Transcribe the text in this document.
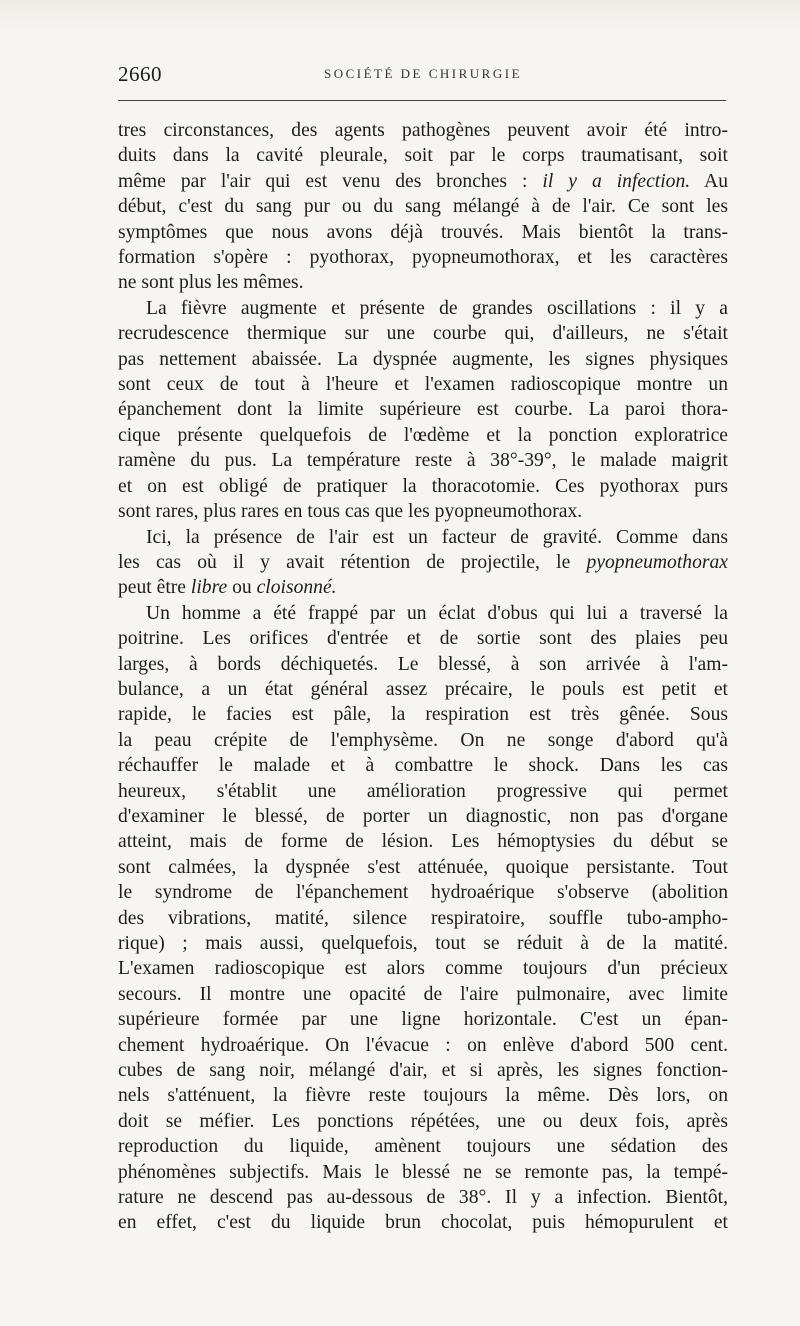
2660	SOCIÉTÉ DE CHIRURGIE

tres circonstances, des agents pathogènes peuvent avoir été intro-

duits dans la cavité pleurale, soit par le corps traumatisant, soit

même par l'air qui est venu des bronches : il y a infection. Au

début, c'est du sang pur ou du sang mélangé à de l'air. Ce sont les

symptômes que nous avons déjà trouvés. Mais bientôt la trans-

formation s'opère : pyothorax, pyopneumothorax, et les caractères

ne sont plus les mêmes.

La fièvre augmente et présente de grandes oscillations : il y a

recrudescence thermique sur une courbe qui, d'ailleurs, ne s'était

pas nettement abaissée. La dyspnée augmente, les signes physiques

sont ceux de tout à l'heure et l'examen radioscopique montre un

épanchement dont la limite supérieure est courbe. La paroi thora-

cique présente quelquefois de l'œdème et la ponction exploratrice

ramène du pus. La température reste à 38°-39°, le malade maigrit

et on est obligé de pratiquer la thoracotomie. Ces pyothorax purs

sont rares, plus rares en tous cas que les pyopneumothorax.

Ici, la présence de l'air est un facteur de gravité. Comme dans

les cas où il y avait rétention de projectile, le pyopneumothorax

peut être libre ou cloisonné.

Un homme a été frappé par un éclat d'obus qui lui a traversé la

poitrine. Les orifices d'entrée et de sortie sont des plaies peu

larges, à bords déchiquetés. Le blessé, à son arrivée à l'am-

bulance, a un état général assez précaire, le pouls est petit et

rapide, le facies est pâle, la respiration est très gênée. Sous

la peau crépite de l'emphysème. On ne songe d'abord qu'à

réchauffer le malade et à combattre le shock. Dans les cas

heureux, s'établit une amélioration progressive qui permet

d'examiner le blessé, de porter un diagnostic, non pas d'organe

atteint, mais de forme de lésion. Les hémoptysies du début se

sont calmées, la dyspnée s'est atténuée, quoique persistante. Tout

le syndrome de l'épanchement hydroaérique s'observe (abolition

des vibrations, matité, silence respiratoire, souffle tubo-ampho-

rique) ; mais aussi, quelquefois, tout se réduit à de la matité.

L'examen radioscopique est alors comme toujours d'un précieux

secours. Il montre une opacité de l'aire pulmonaire, avec limite

supérieure formée par une ligne horizontale. C'est un épan-

chement hydroaérique. On l'évacue : on enlève d'abord 500 cent.

cubes de sang noir, mélangé d'air, et si après, les signes fonction-

nels s'atténuent, la fièvre reste toujours la même. Dès lors, on

doit se méfier. Les ponctions répétées, une ou deux fois, après

reproduction du liquide, amènent toujours une sédation des

phénomènes subjectifs. Mais le blessé ne se remonte pas, la tempé-

rature ne descend pas au-dessous de 38°. Il y a infection. Bientôt,

en effet, c'est du liquide brun chocolat, puis hémopurulent et
